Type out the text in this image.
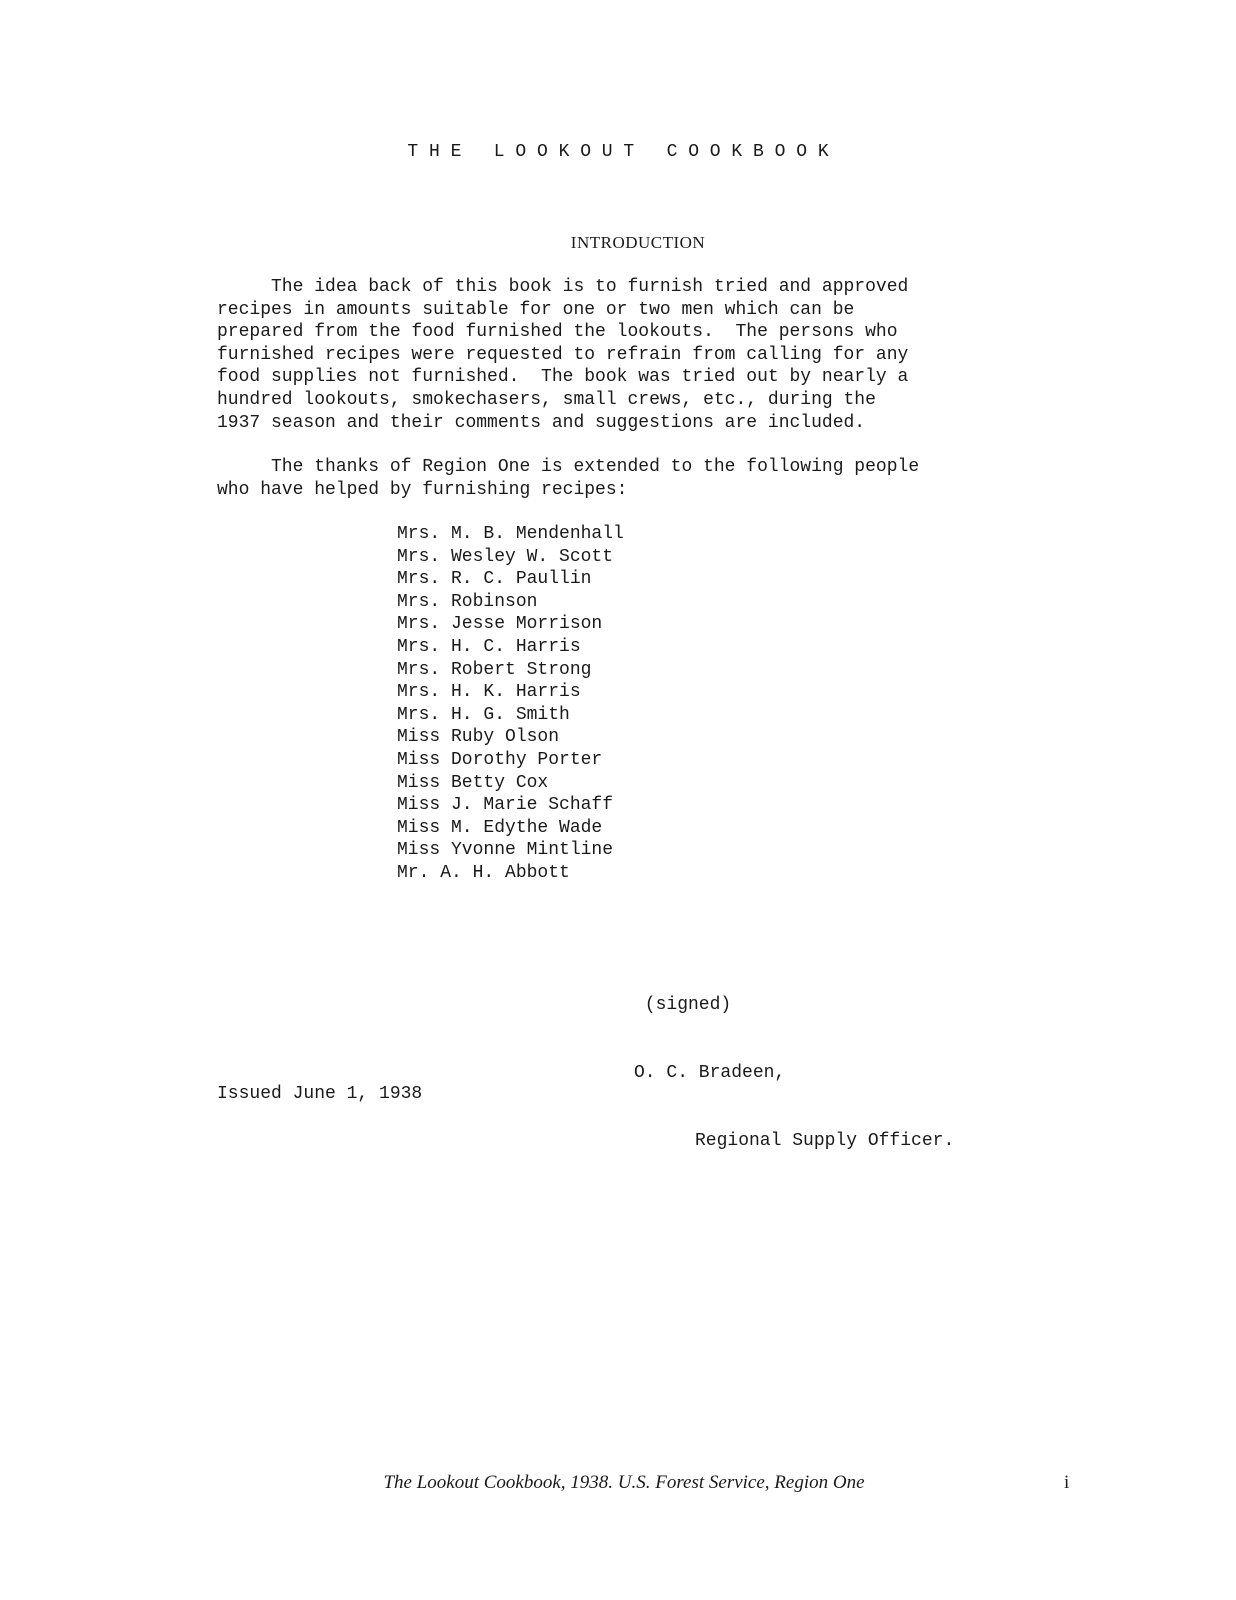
T H E   L O O K O U T   C O O K B O O K
INTRODUCTION

The idea back of this book is to furnish tried and approved
recipes in amounts suitable for one or two men which can be
prepared from the food furnished the lookouts.  The persons who
furnished recipes were requested to refrain from calling for any
food supplies not furnished.  The book was tried out by nearly a
hundred lookouts, smokechasers, small crews, etc., during the
1937 season and their comments and suggestions are included.

The thanks of Region One is extended to the following people
who have helped by furnishing recipes:

Mrs. M. B. Mendenhall
Mrs. Wesley W. Scott
Mrs. R. C. Paullin
Mrs. Robinson
Mrs. Jesse Morrison
Mrs. H. C. Harris
Mrs. Robert Strong
Mrs. H. K. Harris
Mrs. H. G. Smith
Miss Ruby Olson
Miss Dorothy Porter
Miss Betty Cox
Miss J. Marie Schaff
Miss M. Edythe Wade
Miss Yvonne Mintline
Mr. A. H. Abbott

(signed)

O. C. Bradeen,

Regional Supply Officer.

Issued June 1, 1938
The Lookout Cookbook, 1938. U.S. Forest Service, Region One	i
